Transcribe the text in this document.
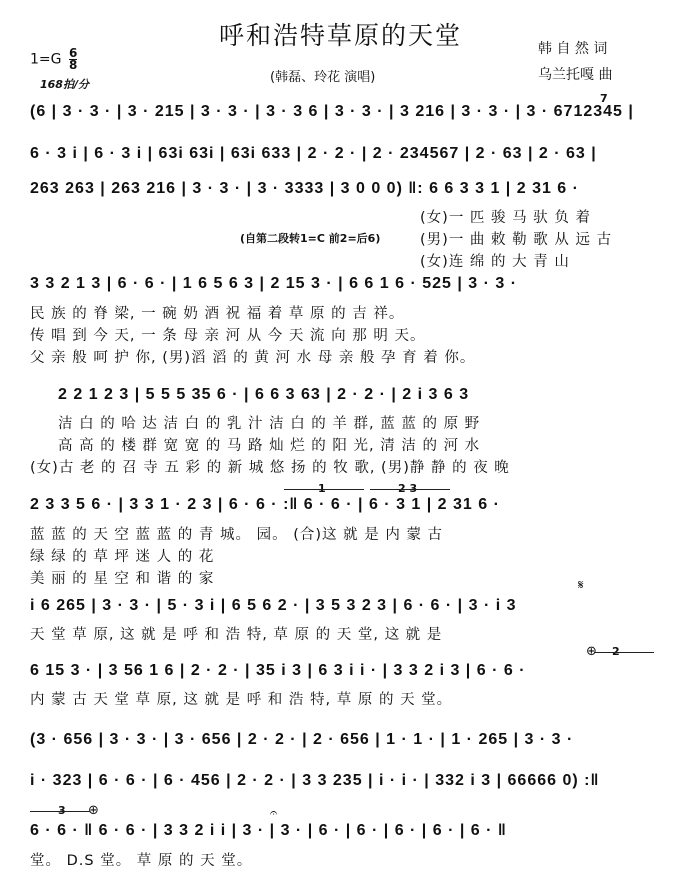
呼和浩特草原的天堂
$1=G \frac{6}{8}$
(韩磊、玲花 演唱)
韩 自 然 词
乌兰托嘎 曲
168拍/分
(6 | 3 · 3 · | 3 · 215 | 3 · 3 · | 3 · 3 6 | 3 · 3 · | 3 216 | 3 · 3 · | 3 · 6712345 |
7
6 · 3 i | 6 · 3 i | 63i 63i | 63i 633 | 2 · 2 · | 2 · 234567 | 2 · 63 | 2 · 63 |
263 263 | 263 216 | 3 · 3 · | 3 · 3333 | 3 0 0 0) ‖: 6 6 3 3 1 | 2 31 6 ·
(女)一 匹 骏 马 驮 负 着
(自第二段转1=C 前2=后6)	(男)一 曲 敕 勒 歌 从 远 古
(女)连 绵 的 大 青 山
3 3 2 1 3 | 6 · 6 · | 1 6 5 6 3 | 2 15 3 · | 6 6 1 6 · 525 | 3 · 3 ·
民 族 的 脊 梁, 一 碗 奶 酒 祝 福 着 草 原 的 吉 祥。
传 唱 到 今 天, 一 条 母 亲 河 从 今 天 流 向 那 明 天。
父 亲 般 呵 护 你, (男)滔 滔 的 黄 河 水 母 亲 般 孕 育 着 你。
2 2 1 2 3 | 5 5 5 35 6 · | 6 6 3 63 | 2 · 2 · | 2 i 3 6 3
洁 白 的 哈 达 洁 白 的 乳 汁 洁 白 的 羊 群, 蓝 蓝 的 原 野
高 高 的 楼 群 宽 宽 的 马 路 灿 烂 的 阳 光, 清 洁 的 河 水
(女)古 老 的 召 寺 五 彩 的 新 城 悠 扬 的 牧 歌, (男)静 静 的 夜 晚
1	2 3
2 3 3 5 6 · | 3 3 1 · 2 3 | 6 · 6 · :‖ 6 · 6 · | 6 · 3 1 | 2 31 6 ·
蓝 蓝 的 天 空 蓝 蓝 的 青 城。 园。 (合)这 就 是 内 蒙 古
绿 绿 的 草 坪 迷 人 的 花
美 丽 的 星 空 和 谐 的 家	𝄋
i 6 265 | 3 · 3 · | 5 · 3 i | 6 5 6 2 · | 3 5 3 2 3 | 6 · 6 · | 3 · i 3
天 堂 草 原, 这 就 是 呼 和 浩 特, 草 原 的 天 堂, 这 就 是
⊕ 2
6 15 3 · | 3 56 1 6 | 2 · 2 · | 35 i 3 | 6 3 i i · | 3 3 2 i 3 | 6 · 6 ·
内 蒙 古 天 堂 草 原, 这 就 是 呼 和 浩 特, 草 原 的 天 堂。
(3 · 656 | 3 · 3 · | 3 · 656 | 2 · 2 · | 2 · 656 | 1 · 1 · | 1 · 265 | 3 · 3 ·
i · 323 | 6 · 6 · | 6 · 456 | 2 · 2 · | 3 3 235 | i · i · | 332 i 3 | 66666 0) :‖
3 ⊕	𝄐
6 · 6 · ‖ 6 · 6 · | 3 3 2 i i | 3 · | 3 · | 6 · | 6 · | 6 · | 6 · | 6 · ‖
堂。 D.S 堂。 草 原 的 天 堂。
